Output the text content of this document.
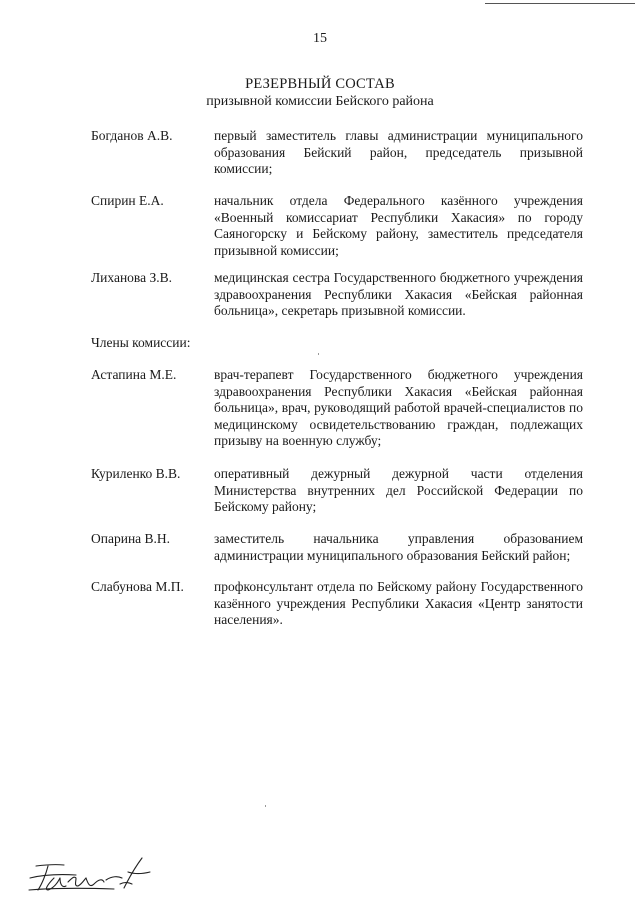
15
РЕЗЕРВНЫЙ СОСТАВ
призывной комиссии Бейского района
Богданов А.В.	первый заместитель главы администрации муниципального образования Бейский район, председатель призывной комиссии;
Спирин Е.А.	начальник отдела Федерального казённого учреждения «Военный комиссариат Республики Хакасия» по городу Саяногорску и Бейскому району, заместитель председателя призывной комиссии;
Лиханова З.В.	медицинская сестра Государственного бюджетного учреждения здравоохранения Республики Хакасия «Бейская районная больница», секретарь призывной комиссии.
Члены комиссии:
Астапина М.Е.	врач-терапевт Государственного бюджетного учреждения здравоохранения Республики Хакасия «Бейская районная больница», врач, руководящий работой врачей-специалистов по медицинскому освидетельствованию граждан, подлежащих призыву на военную службу;
Куриленко В.В.	оперативный дежурный дежурной части отделения Министерства внутренних дел Российской Федерации по Бейскому району;
Опарина В.Н.	заместитель начальника управления образованием администрации муниципального образования Бейский район;
Слабунова М.П.	профконсультант отдела по Бейскому району Государственного казённого учреждения Республики Хакасия «Центр занятости населения».
